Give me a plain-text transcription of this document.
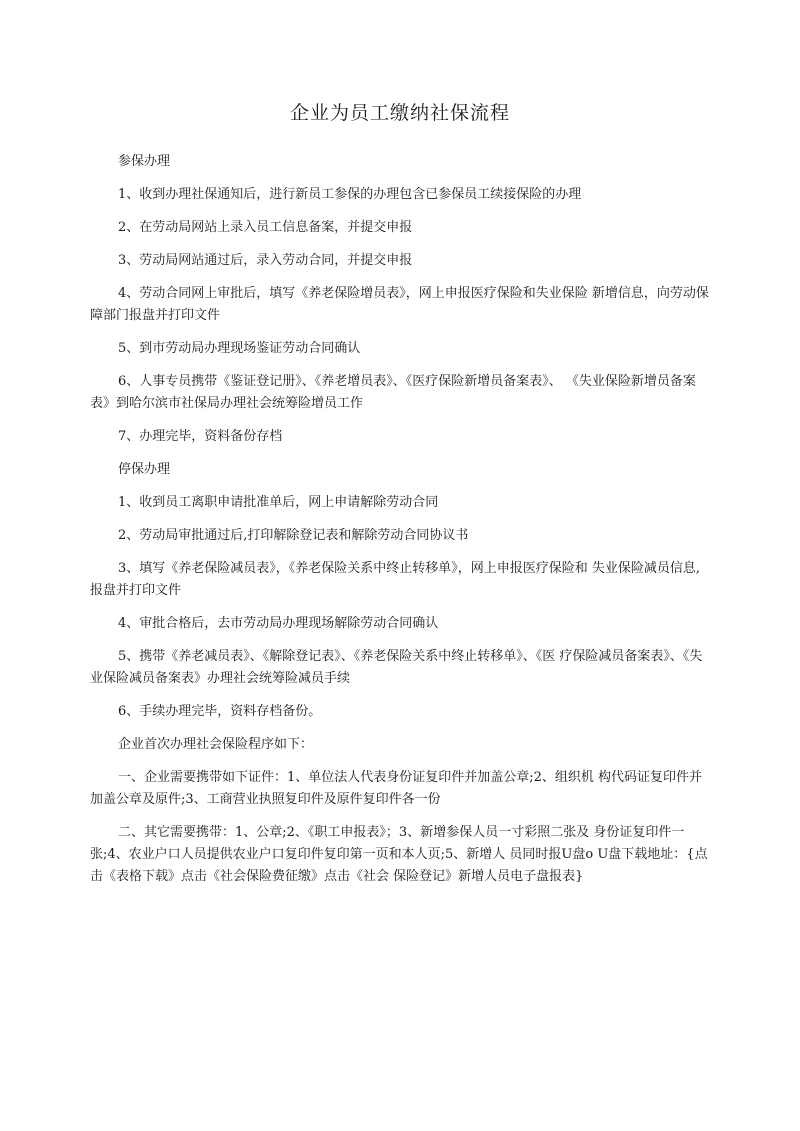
企业为员工缴纳社保流程

参保办理

1、收到办理社保通知后，进行新员工参保的办理包含已参保员工续接保险的办理

2、在劳动局网站上录入员工信息备案，并提交申报

3、劳动局网站通过后，录入劳动合同，并提交申报

4、劳动合同网上审批后，填写《养老保险增员表》，网上申报医疗保险和失业保险 新增信息，向劳动保障部门报盘并打印文件

5、到市劳动局办理现场鉴证劳动合同确认

6、人事专员携带《鉴证登记册》、《养老增员表》、《医疗保险新增员备案表》、 《失业保险新增员备案表》到哈尔滨市社保局办理社会统筹险增员工作

7、办理完毕，资料备份存档

停保办理

1、收到员工离职申请批准单后，网上申请解除劳动合同

2、劳动局审批通过后,打印解除登记表和解除劳动合同协议书

3、填写《养老保险减员表》，《养老保险关系中终止转移单》，网上申报医疗保险和 失业保险减员信息,报盘并打印文件

4、审批合格后，去市劳动局办理现场解除劳动合同确认

5、携带《养老减员表》、《解除登记表》、《养老保险关系中终止转移单》、《医 疗保险减员备案表》、《失业保险减员备案表》办理社会统筹险减员手续

6、手续办理完毕，资料存档备份。

企业首次办理社会保险程序如下：

一、企业需要携带如下证件：1、单位法人代表身份证复印件并加盖公章;2、组织机 构代码证复印件并加盖公章及原件;3、工商营业执照复印件及原件复印件各一份

二、其它需要携带：1、公章;2、《职工申报表》；3、新增参保人员一寸彩照二张及 身份证复印件一张;4、农业户口人员提供农业户口复印件复印第一页和本人页;5、新增人 员同时报U盘o U盘下载地址：{点击《表格下载》点击《社会保险费征缴》点击《社会 保险登记》新增人员电子盘报表}
